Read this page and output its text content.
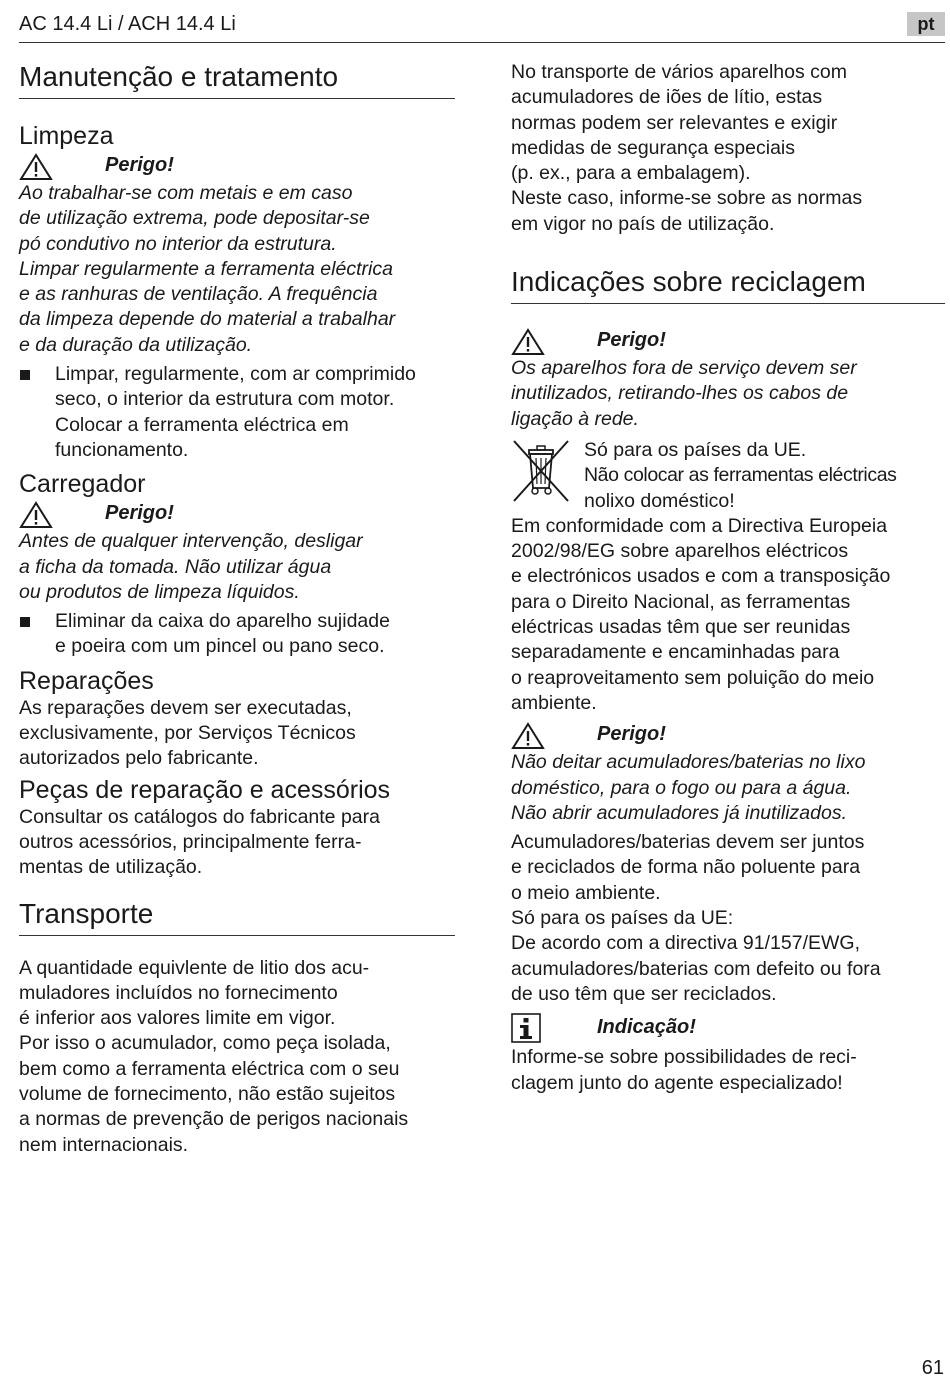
AC 14.4 Li / ACH 14.4 Li	pt
Manutenção e tratamento
Limpeza
Perigo!
Ao trabalhar-se com metais e em caso
de utilização extrema, pode depositar-se
pó condutivo no interior da estrutura.
Limpar regularmente a ferramenta eléctrica
e as ranhuras de ventilação. A frequência
da limpeza depende do material a trabalhar
e da duração da utilização.
Limpar, regularmente, com ar comprimido
seco, o interior da estrutura com motor.
Colocar a ferramenta eléctrica em
funcionamento.
Carregador
Perigo!
Antes de qualquer intervenção, desligar
a ficha da tomada. Não utilizar água
ou produtos de limpeza líquidos.
Eliminar da caixa do aparelho sujidade
e poeira com um pincel ou pano seco.
Reparações
As reparações devem ser executadas,
exclusivamente, por Serviços Técnicos
autorizados pelo fabricante.
Peças de reparação e acessórios
Consultar os catálogos do fabricante para
outros acessórios, principalmente ferra-
mentas de utilização.
Transporte
A quantidade equivlente de litio dos acu-
muladores incluídos no fornecimento
é inferior aos valores limite em vigor.
Por isso o acumulador, como peça isolada,
bem como a ferramenta eléctrica com o seu
volume de fornecimento, não estão sujeitos
a normas de prevenção de perigos nacionais
nem internacionais.
No transporte de vários aparelhos com
acumuladores de iões de lítio, estas
normas podem ser relevantes e exigir
medidas de segurança especiais
(p. ex., para a embalagem).
Neste caso, informe-se sobre as normas
em vigor no país de utilização.
Indicações sobre reciclagem
Perigo!
Os aparelhos fora de serviço devem ser
inutilizados, retirando-lhes os cabos de
ligação à rede.
Só para os países da UE.
Não colocar as ferramentas eléctricas
nolixo doméstico!
Em conformidade com a Directiva Europeia
2002/98/EG sobre aparelhos eléctricos
e electrónicos usados e com a transposição
para o Direito Nacional, as ferramentas
eléctricas usadas têm que ser reunidas
separadamente e encaminhadas para
o reaproveitamento sem poluição do meio
ambiente.
Perigo!
Não deitar acumuladores/baterias no lixo
doméstico, para o fogo ou para a água.
Não abrir acumuladores já inutilizados.
Acumuladores/baterias devem ser juntos
e reciclados de forma não poluente para
o meio ambiente.
Só para os países da UE:
De acordo com a directiva 91/157/EWG,
acumuladores/baterias com defeito ou fora
de uso têm que ser reciclados.
Indicação!
Informe-se sobre possibilidades de reci-
clagem junto do agente especializado!
61
